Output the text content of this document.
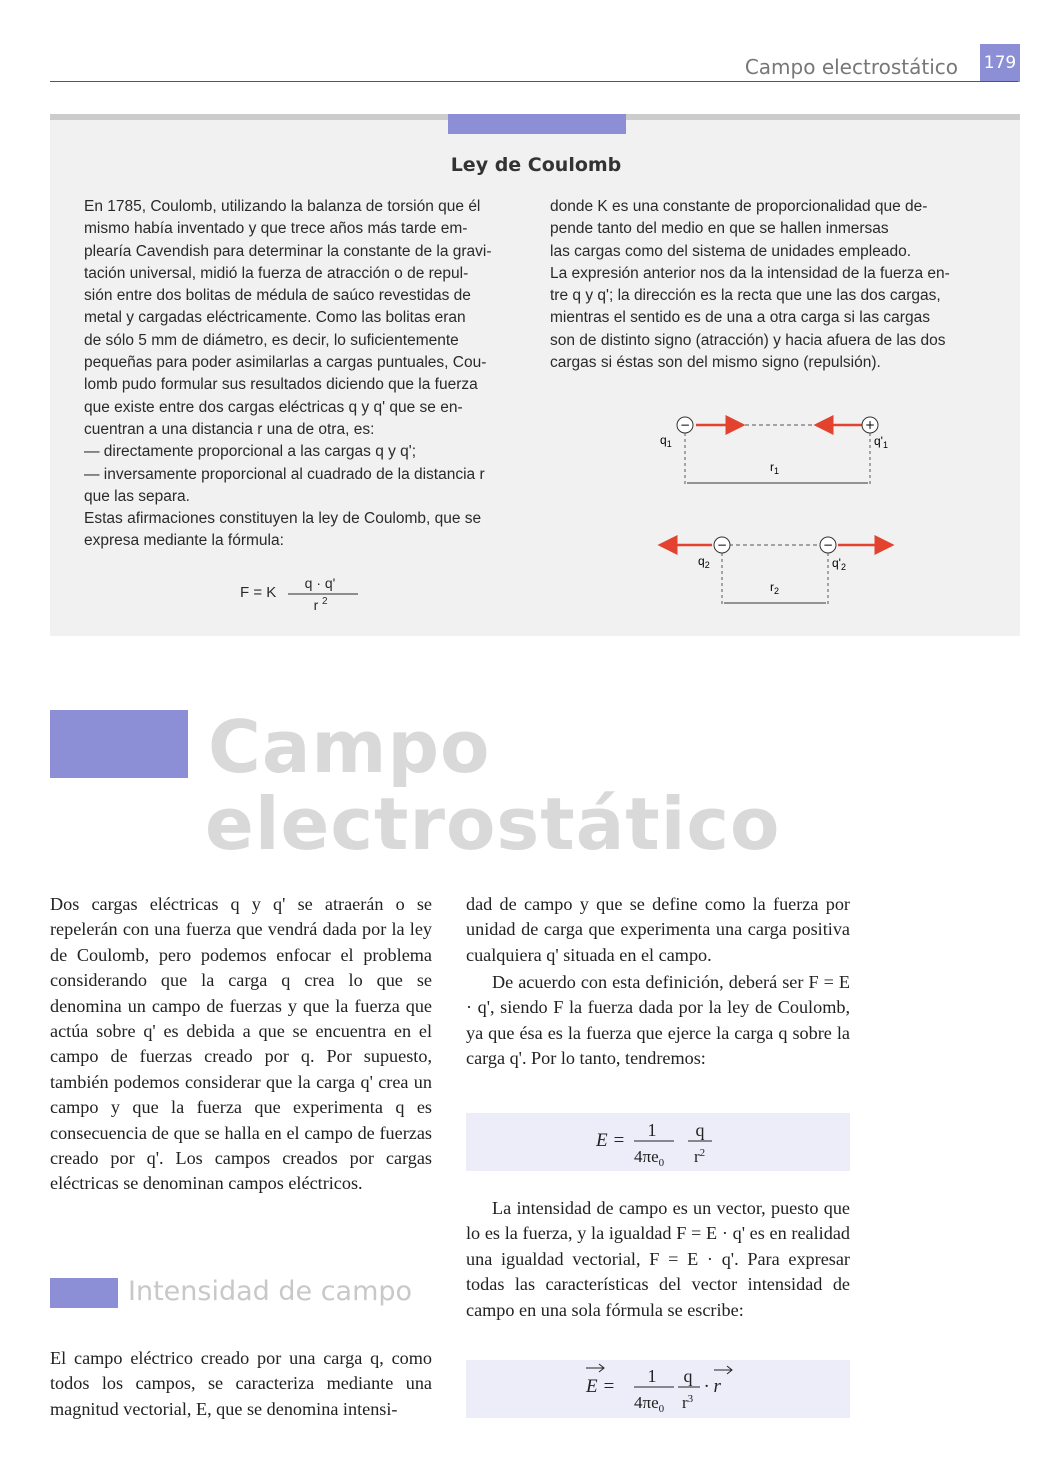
Campo electrostático 179
Ley de Coulomb
En 1785, Coulomb, utilizando la balanza de torsión que él
mismo había inventado y que trece años más tarde em-
plearía Cavendish para determinar la constante de la gravi-
tación universal, midió la fuerza de atracción o de repul-
sión entre dos bolitas de médula de saúco revestidas de
metal y cargadas eléctricamente. Como las bolitas eran
de sólo 5 mm de diámetro, es decir, lo suficientemente
pequeñas para poder asimilarlas a cargas puntuales, Cou-
lomb pudo formular sus resultados diciendo que la fuerza
que existe entre dos cargas eléctricas q y q' que se en-
cuentran a una distancia r una de otra, es:
— directamente proporcional a las cargas q y q';
— inversamente proporcional al cuadrado de la distancia r
que las separa.
Estas afirmaciones constituyen la ley de Coulomb, que se
expresa mediante la fórmula:
donde K es una constante de proporcionalidad que de-
pende tanto del medio en que se hallen inmersas
las cargas como del sistema de unidades empleado.
La expresión anterior nos da la intensidad de la fuerza en-
tre q y q'; la dirección es la recta que une las dos cargas,
mientras el sentido es de una a otra carga si las cargas
son de distinto signo (atracción) y hacia afuera de las dos
cargas si éstas son del mismo signo (repulsión).
F = K
q · q'
r 2
−	+
$q_1$	$q'_1$
$r_1$
−	−
$q_2$	$q'_2$
$r_2$
Campo
electrostático
Dos cargas eléctricas q y q' se atraerán o se repelerán con una fuerza que vendrá dada por la ley de Coulomb, pero podemos enfocar el problema considerando que la carga q crea lo que se denomina un campo de fuerzas y que la fuerza que actúa sobre q' es debida a que se encuentra en el campo de fuerzas creado por q. Por supuesto, también podemos considerar que la carga q' crea un campo y que la fuerza que experimenta q es consecuencia de que se halla en el campo de fuerzas creado por q'. Los campos creados por cargas eléctricas se denominan campos eléctricos.
Intensidad de campo
El campo eléctrico creado por una carga q, como todos los campos, se caracteriza mediante una magnitud vectorial, E, que se denomina intensi-
dad de campo y que se define como la fuerza por unidad de carga que experimenta una carga positiva cualquiera q' situada en el campo.
De acuerdo con esta definición, deberá ser F = E · q', siendo F la fuerza dada por la ley de Coulomb, ya que ésa es la fuerza que ejerce la carga q sobre la carga q'. Por lo tanto, tendremos:
E = 1
$4\pi e_0$
q
$r^2$
La intensidad de campo es un vector, puesto que lo es la fuerza, y la igualdad F = E · q' es en realidad una igualdad vectorial, F = E · q'. Para expresar todas las características del vector intensidad de campo en una sola fórmula se escribe:
E = 1
$4\pi e_0$
q
$r^3$
· r
